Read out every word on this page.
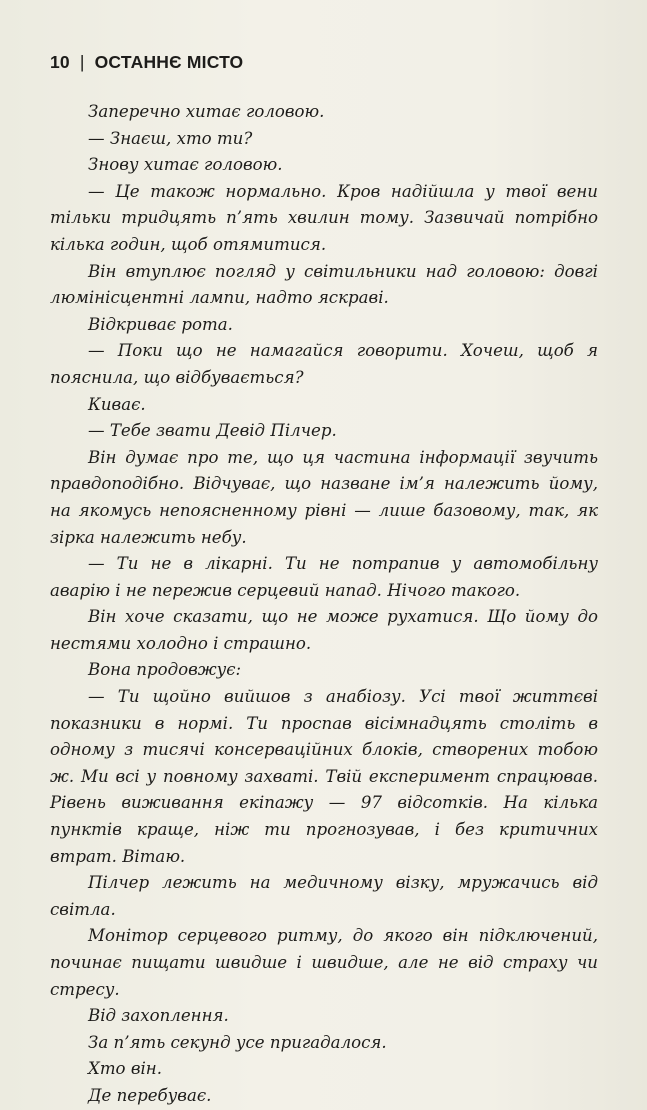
10 | ОСТАННЄ МІСТО

Заперечно хитає головою.

— Знаєш, хто ти?

Знову хитає головою.

— Це також нормально. Кров надійшла у твої вени тільки тридцять п’ять хвилин тому. Зазвичай потрібно кілька годин, щоб отямитися.

Він втуплює погляд у світильники над головою: довгі люмінісцентні лампи, надто яскраві.

Відкриває рота.

— Поки що не намагайся говорити. Хочеш, щоб я пояснила, що відбувається?

Киває.

— Тебе звати Девід Пілчер.

Він думає про те, що ця частина інформації звучить правдоподібно. Відчуває, що назване ім’я належить йому, на якомусь непоясненному рівні — лише базовому, так, як зірка належить небу.

— Ти не в лікарні. Ти не потрапив у автомобільну аварію і не пережив серцевий напад. Нічого такого.

Він хоче сказати, що не може рухатися. Що йому до нестями холодно і страшно.

Вона продовжує:

— Ти щойно вийшов з анабіозу. Усі твої життєві показники в нормі. Ти проспав вісімнадцять століть в одному з тисячі консерваційних блоків, створених тобою ж. Ми всі у повному захваті. Твій експеримент спрацював. Рівень виживання екіпажу — 97 відсотків. На кілька пунктів краще, ніж ти прогнозував, і без критичних втрат. Вітаю.

Пілчер лежить на медичному візку, мружачись від світла.

Монітор серцевого ритму, до якого він підключений, починає пищати швидше і швидше, але не від страху чи стресу.

Від захоплення.

За п’ять секунд усе пригадалося.

Хто він.

Де перебуває.
